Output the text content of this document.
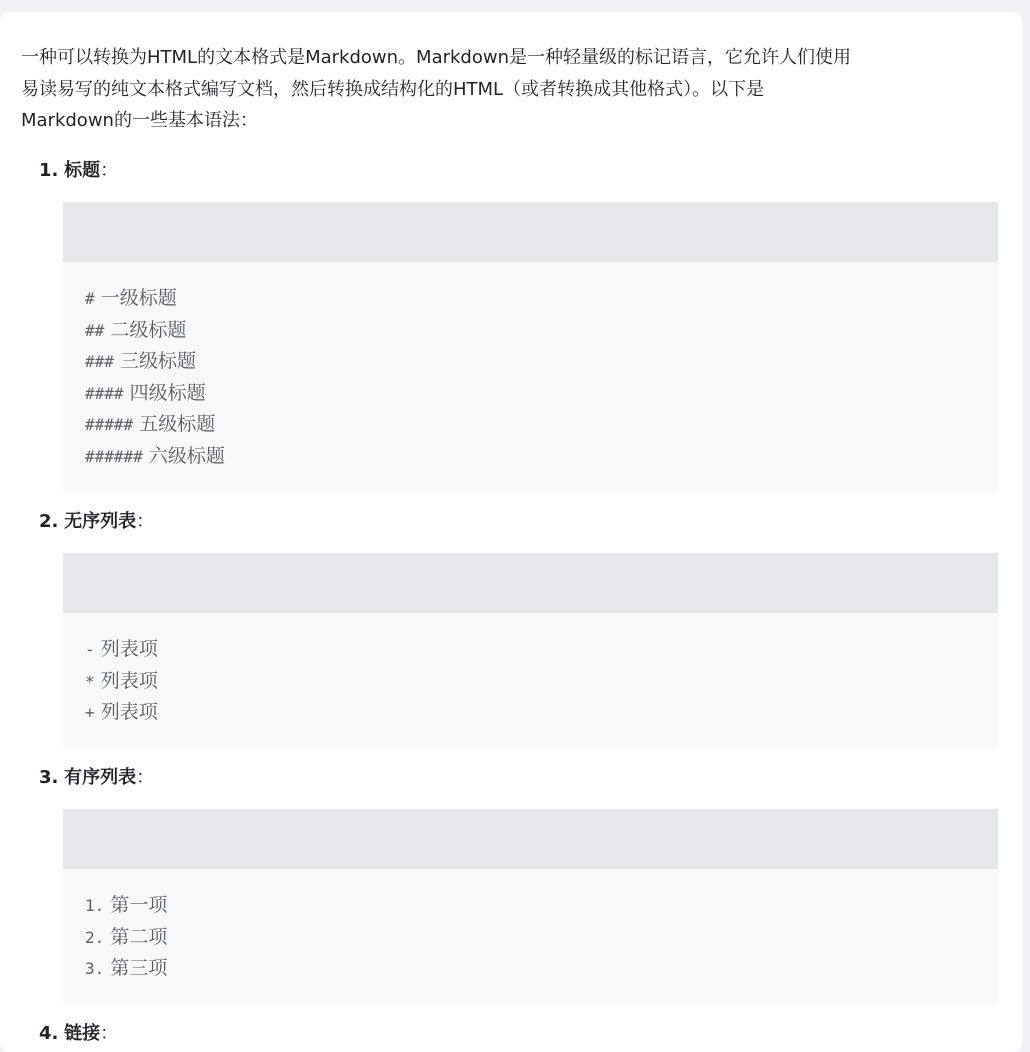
一种可以转换为HTML的文本格式是Markdown。Markdown是一种轻量级的标记语言，它允许人们使用
易读易写的纯文本格式编写文档，然后转换成结构化的HTML（或者转换成其他格式）。以下是
Markdown的一些基本语法：

1. 标题：
# 一级标题
## 二级标题
### 三级标题
#### 四级标题
##### 五级标题
###### 六级标题
2. 无序列表：
- 列表项
* 列表项
+ 列表项
3. 有序列表：
1. 第一项
2. 第二项
3. 第三项
4. 链接：
